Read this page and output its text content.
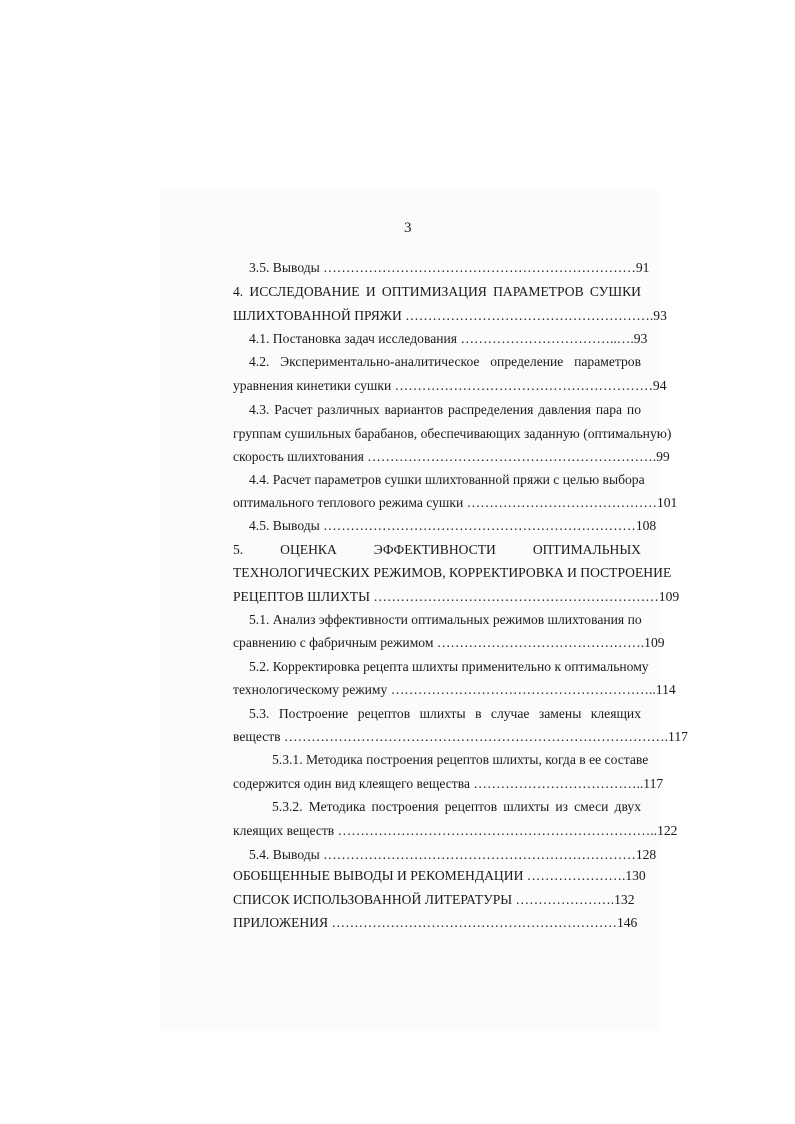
3
3.5. Выводы ……………………………………………………………91
4. ИССЛЕДОВАНИЕ И ОПТИМИЗАЦИЯ ПАРАМЕТРОВ СУШКИ
ШЛИХТОВАННОЙ ПРЯЖИ ……………………………………………….93
4.1. Постановка задач исследования ……………………………..….93
4.2. Экспериментально-аналитическое определение параметров
уравнения кинетики сушки …………………………………………………94
4.3. Расчет различных вариантов распределения давления пара по
группам сушильных барабанов, обеспечивающих заданную (оптимальную)
скорость шлихтования ……………………………………………………….99
4.4. Расчет параметров сушки шлихтованной пряжи с целью выбора
оптимального теплового режима сушки ……………………………………101
4.5. Выводы ……………………………………………………………108
5. ОЦЕНКА ЭФФЕКТИВНОСТИ ОПТИМАЛЬНЫХ
ТЕХНОЛОГИЧЕСКИХ РЕЖИМОВ, КОРРЕКТИРОВКА И ПОСТРОЕНИЕ
РЕЦЕПТОВ ШЛИХТЫ ………………………………………………………109
5.1. Анализ эффективности оптимальных режимов шлихтования по
сравнению с фабричным режимом ……………………………………….109
5.2. Корректировка рецепта шлихты применительно к оптимальному
технологическому режиму …………………………………………………..114
5.3. Построение рецептов шлихты в случае замены клеящих
веществ ………………………………………………………………………….117
5.3.1. Методика построения рецептов шлихты, когда в ее составе
содержится один вид клеящего вещества ………………………………..117
5.3.2. Методика построения рецептов шлихты из смеси двух
клеящих веществ ……………………………………………………………..122
5.4. Выводы ……………………………………………………………128
ОБОБЩЕННЫЕ ВЫВОДЫ И РЕКОМЕНДАЦИИ ………………….130
СПИСОК ИСПОЛЬЗОВАННОЙ ЛИТЕРАТУРЫ ………………….132
ПРИЛОЖЕНИЯ ………………………………………………………146
